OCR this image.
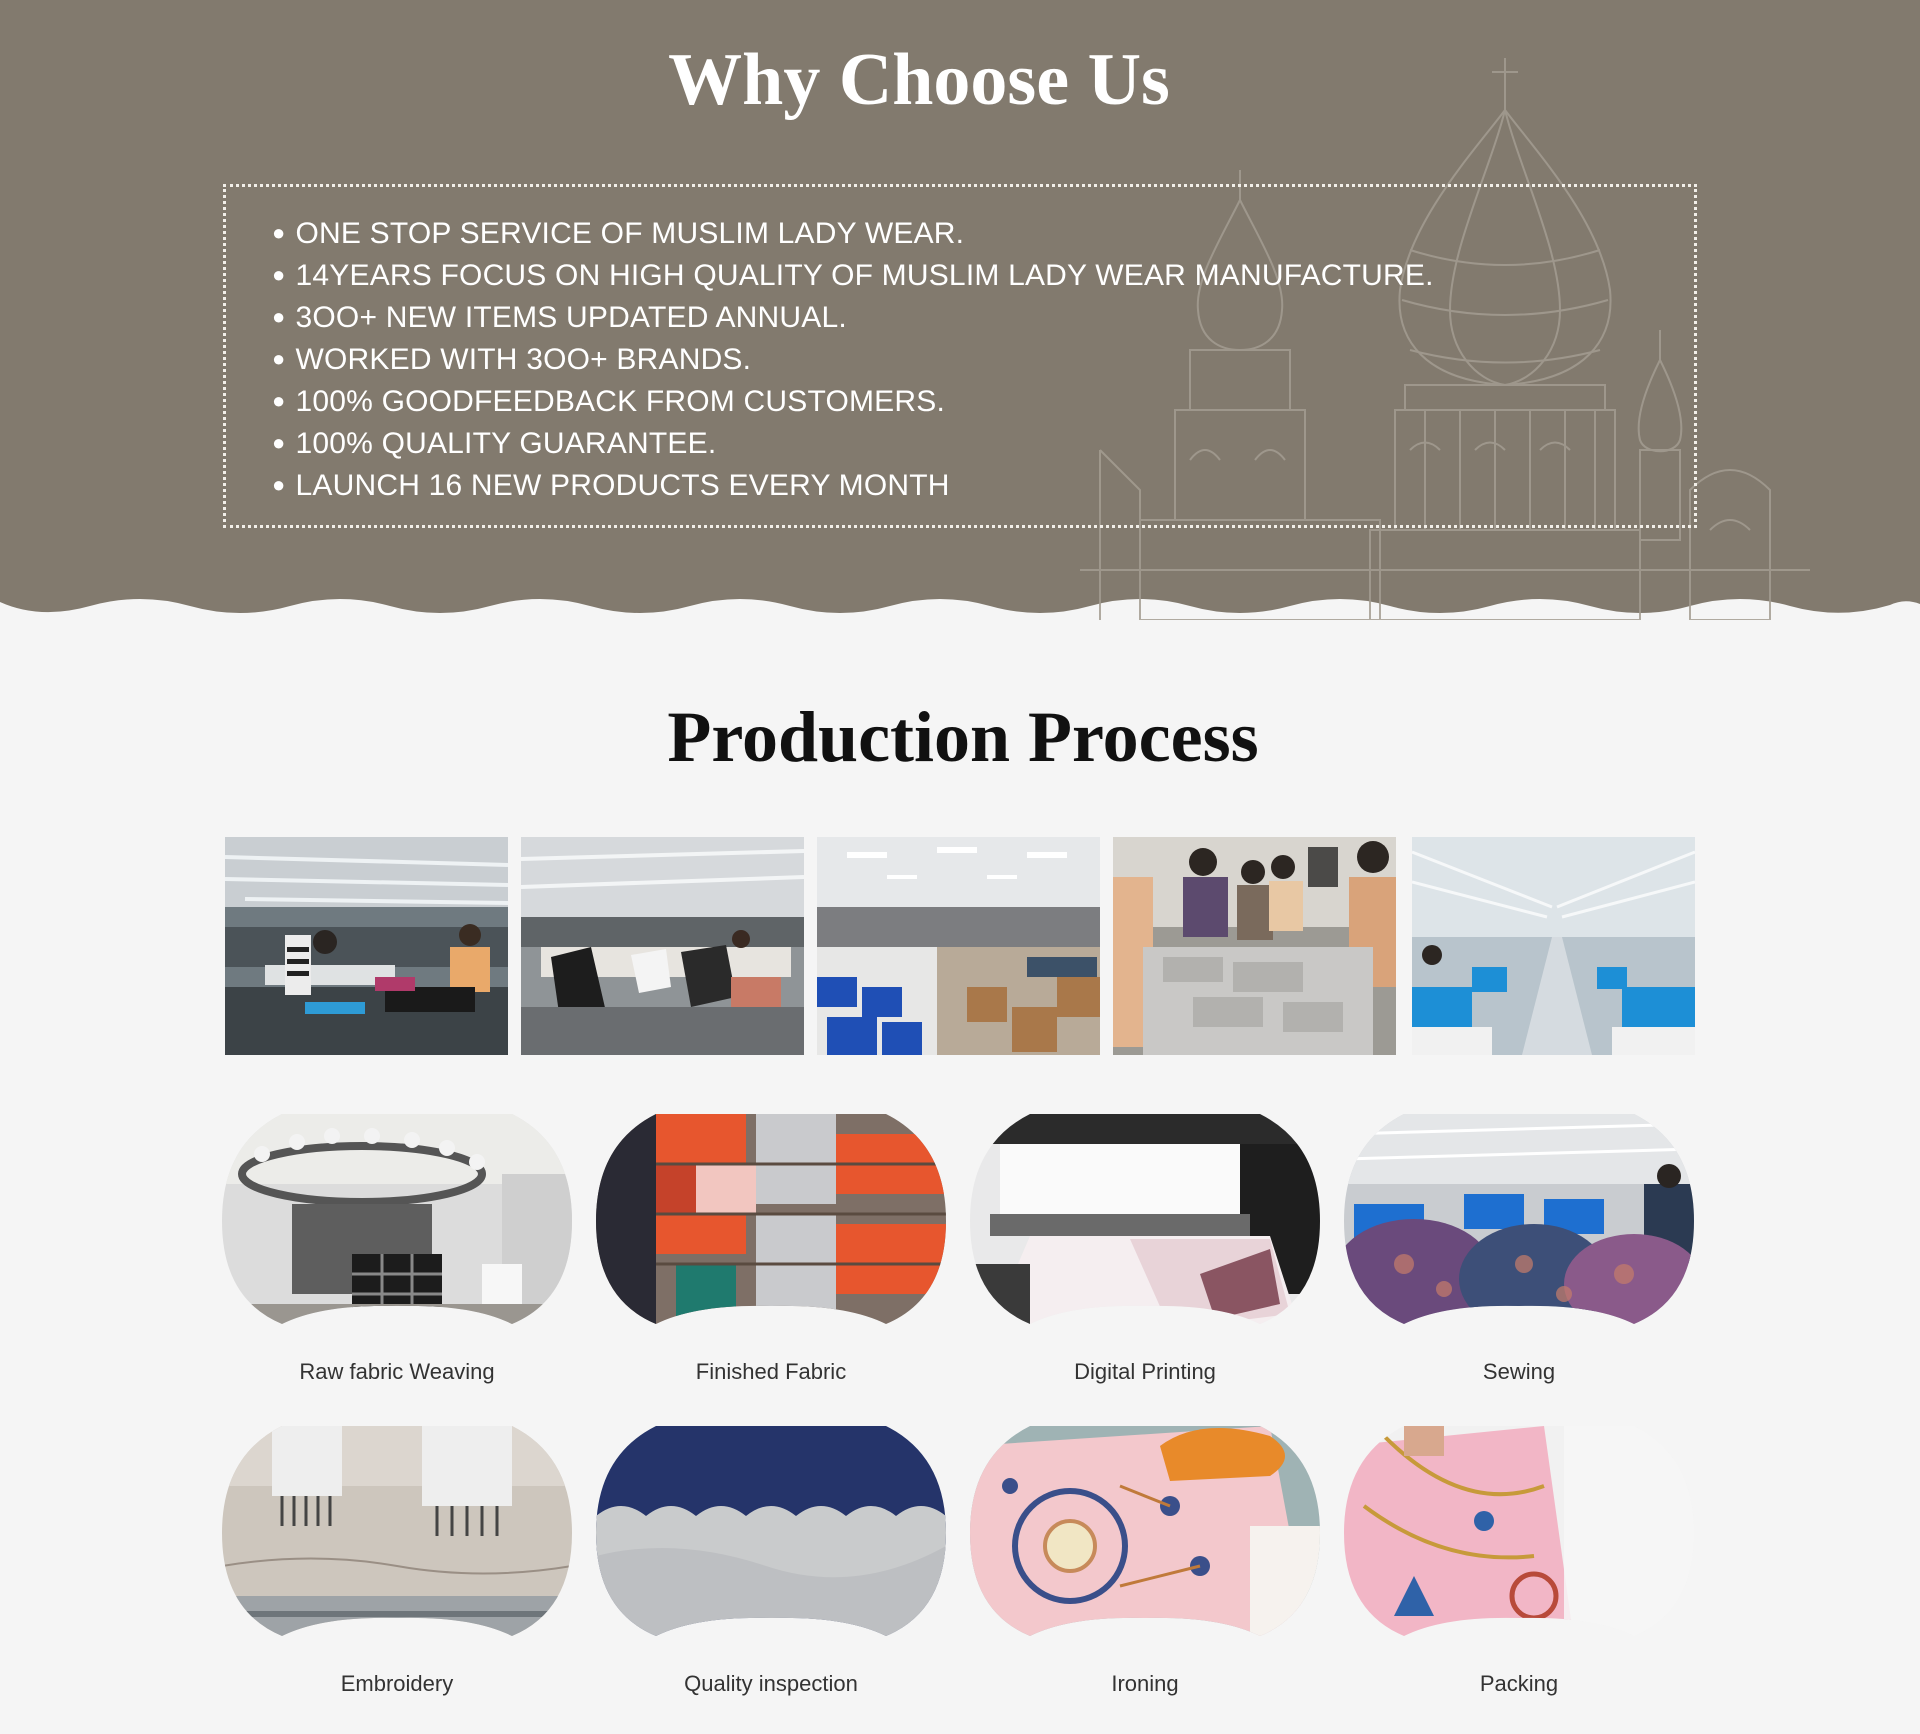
Why Choose Us
● ONE STOP SERVICE OF MUSLIM LADY WEAR.
● 14YEARS FOCUS ON HIGH QUALITY OF MUSLIM LADY WEAR MANUFACTURE.
● 3OO+ NEW ITEMS UPDATED ANNUAL.
● WORKED WITH 3OO+ BRANDS.
● 100% GOODFEEDBACK FROM CUSTOMERS.
● 100% QUALITY GUARANTEE.
● LAUNCH 16 NEW PRODUCTS EVERY MONTH
Production Process
Raw fabric Weaving	Finished Fabric	Digital Printing	Sewing
Embroidery	Quality inspection	Ironing	Packing
